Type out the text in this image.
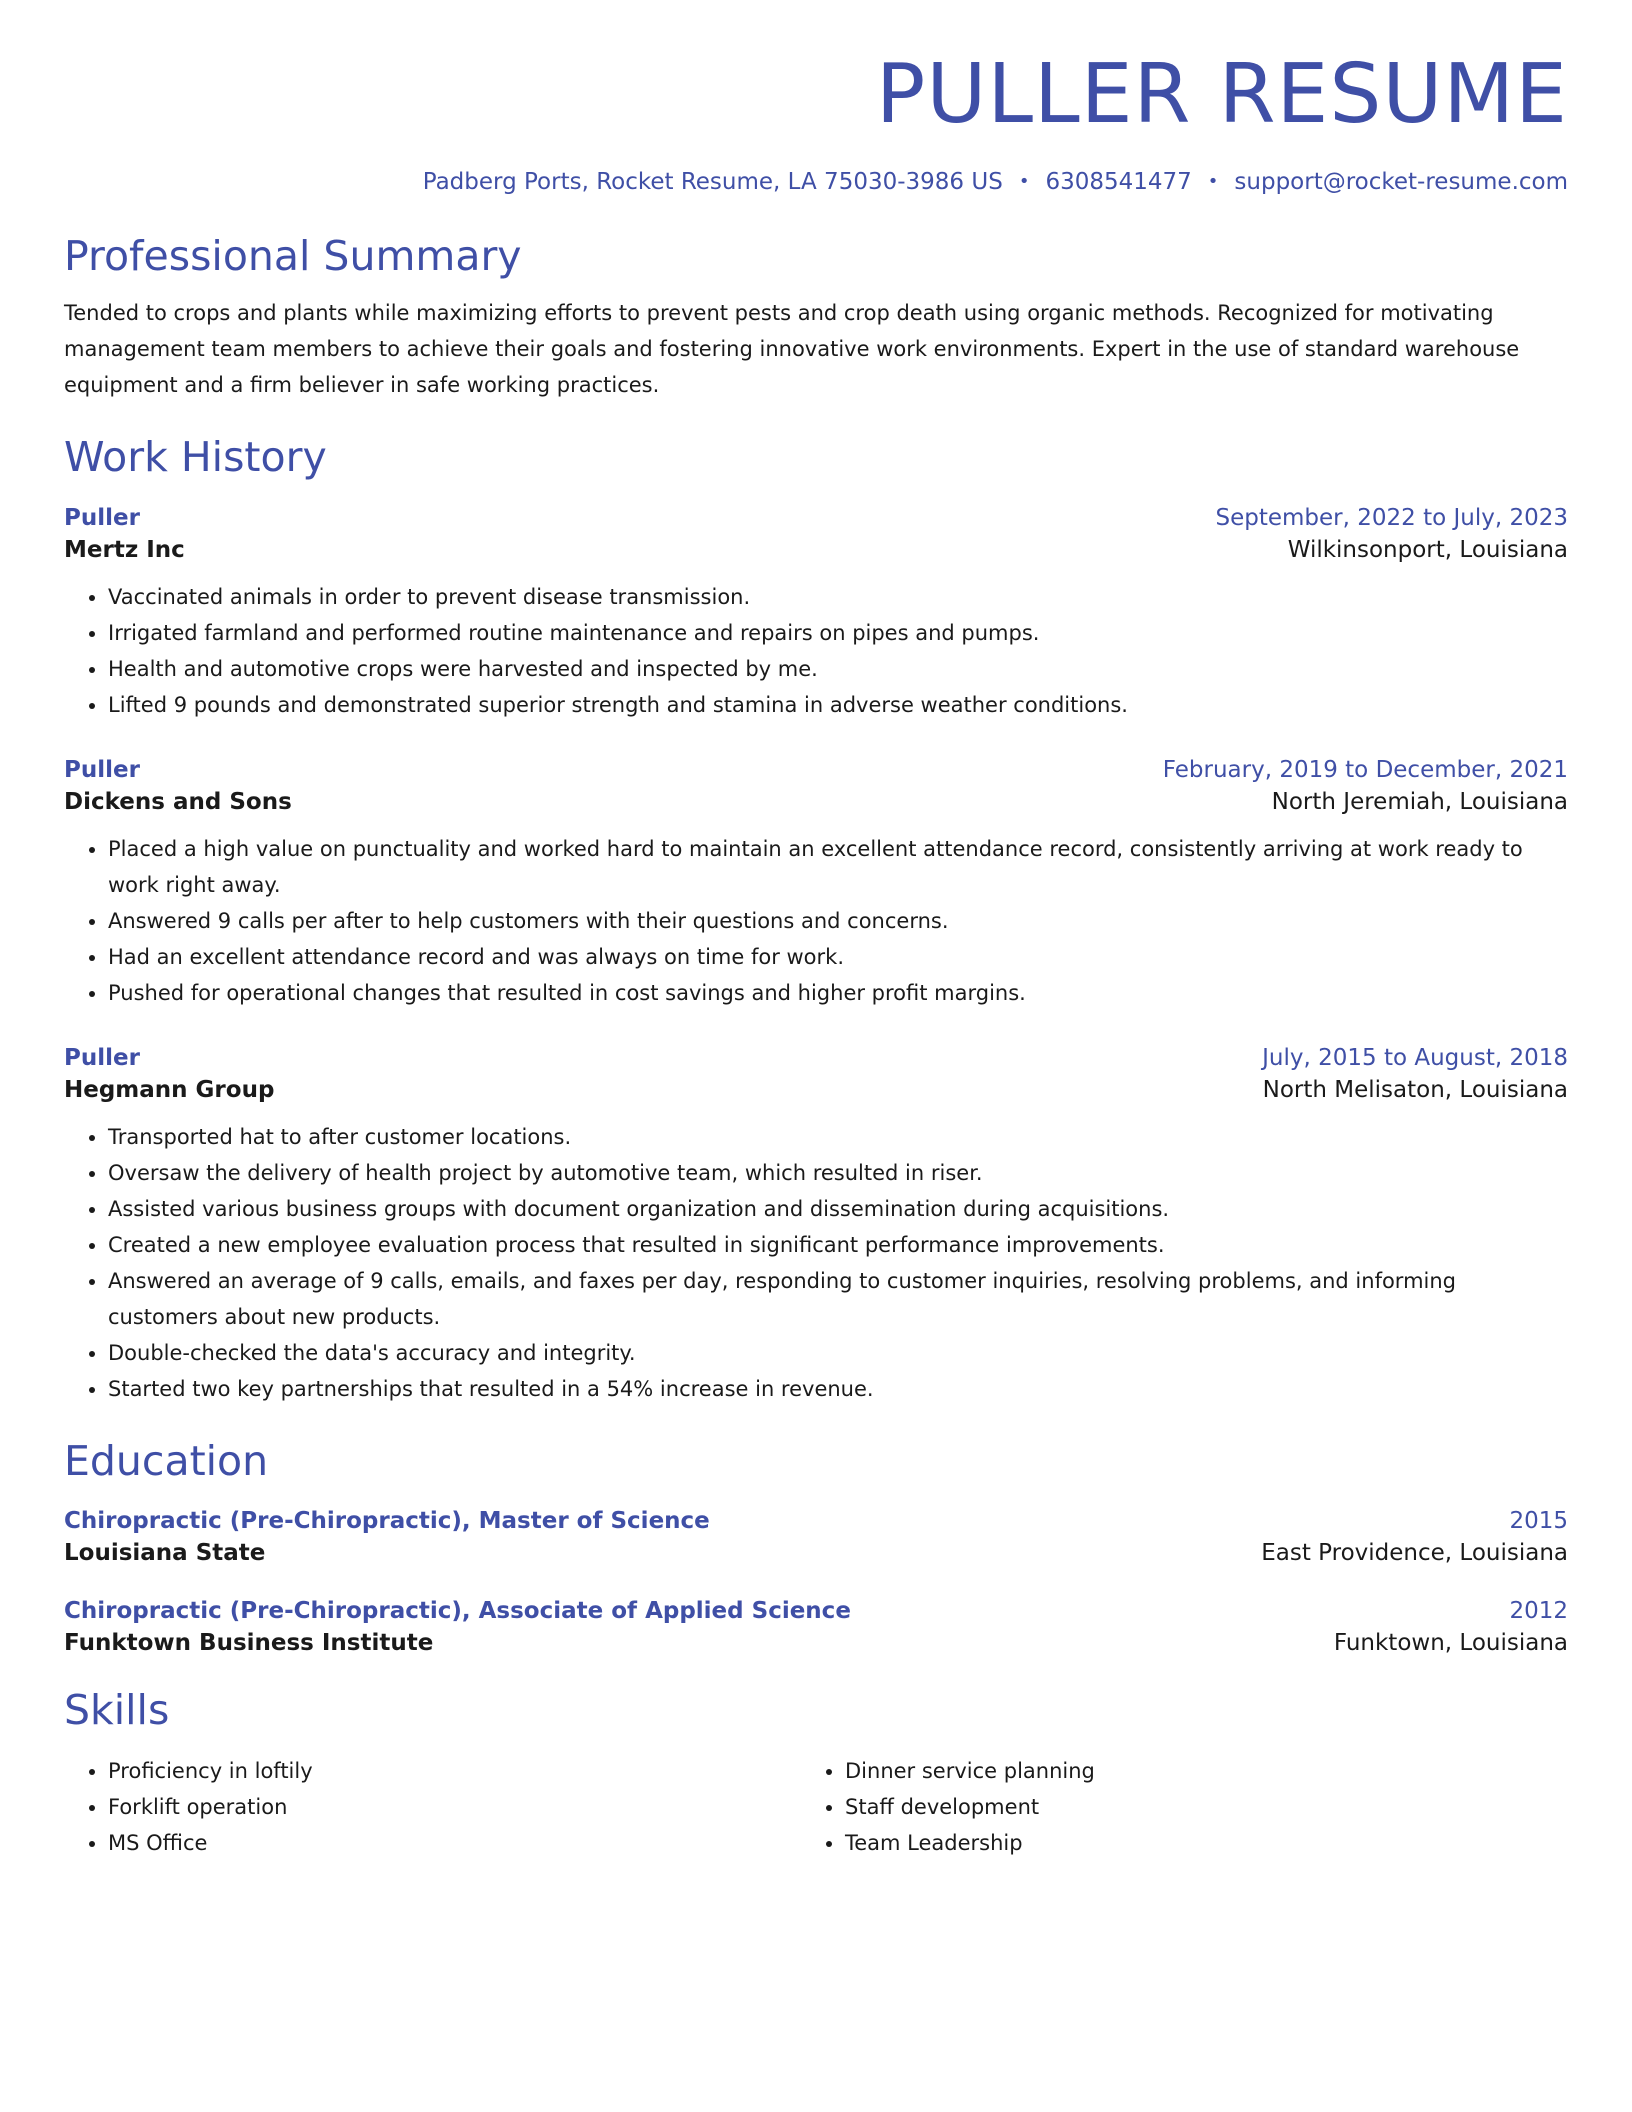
PULLER RESUME
Padberg Ports, Rocket Resume, LA 75030-3986 US • 6308541477 • support@rocket-resume.com
Professional Summary

Tended to crops and plants while maximizing efforts to prevent pests and crop death using organic methods. Recognized for motivating management team members to achieve their goals and fostering innovative work environments. Expert in the use of standard warehouse equipment and a firm believer in safe working practices.

Work History
Puller	September, 2022 to July, 2023
Mertz Inc	Wilkinsonport, Louisiana
• Vaccinated animals in order to prevent disease transmission.
• Irrigated farmland and performed routine maintenance and repairs on pipes and pumps.
• Health and automotive crops were harvested and inspected by me.
• Lifted 9 pounds and demonstrated superior strength and stamina in adverse weather conditions.
Puller	February, 2019 to December, 2021
Dickens and Sons	North Jeremiah, Louisiana
• Placed a high value on punctuality and worked hard to maintain an excellent attendance record, consistently arriving at work ready to work right away.
• Answered 9 calls per after to help customers with their questions and concerns.
• Had an excellent attendance record and was always on time for work.
• Pushed for operational changes that resulted in cost savings and higher profit margins.
Puller	July, 2015 to August, 2018
Hegmann Group	North Melisaton, Louisiana
• Transported hat to after customer locations.
• Oversaw the delivery of health project by automotive team, which resulted in riser.
• Assisted various business groups with document organization and dissemination during acquisitions.
• Created a new employee evaluation process that resulted in significant performance improvements.
• Answered an average of 9 calls, emails, and faxes per day, responding to customer inquiries, resolving problems, and informing customers about new products.
• Double-checked the data's accuracy and integrity.
• Started two key partnerships that resulted in a 54% increase in revenue.
Education
Chiropractic (Pre-Chiropractic), Master of Science	2015
Louisiana State	East Providence, Louisiana
Chiropractic (Pre-Chiropractic), Associate of Applied Science	2012
Funktown Business Institute	Funktown, Louisiana
Skills
• Proficiency in loftily
• Forklift operation
• MS Office
• Dinner service planning
• Staff development
• Team Leadership
